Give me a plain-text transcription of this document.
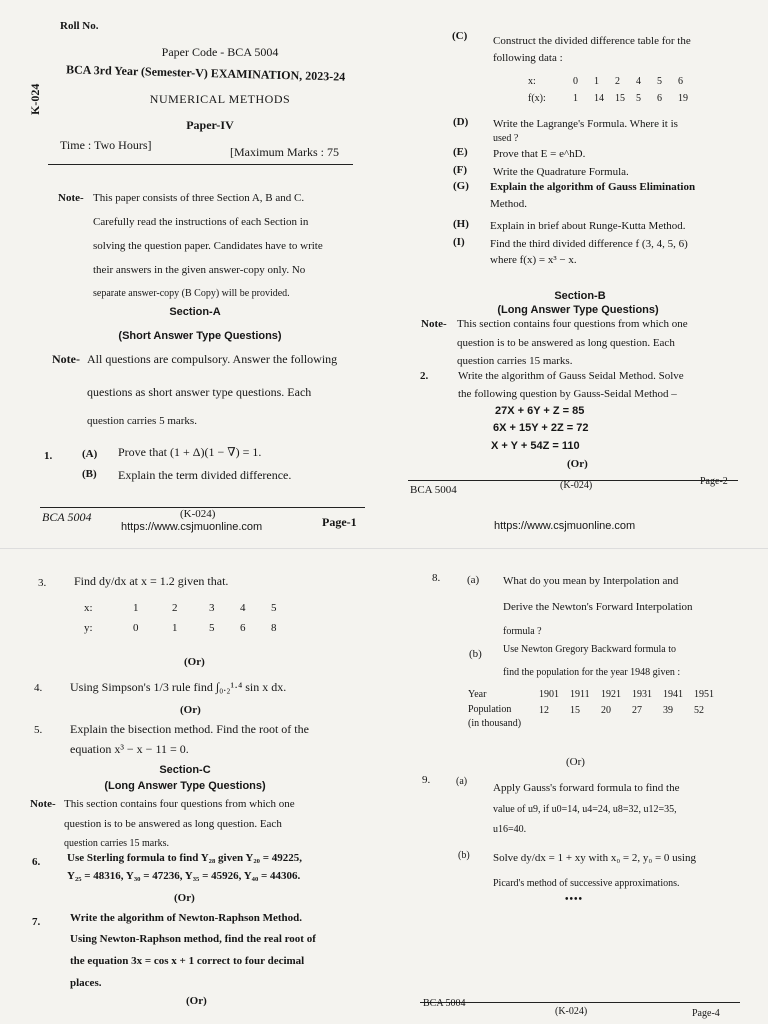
Roll No.
Paper Code - BCA 5004
BCA 3rd Year (Semester-V) EXAMINATION, 2023-24
NUMERICAL METHODS
Paper-IV
K-024
Time : Two Hours]	[Maximum Marks : 75
Note- This paper consists of three Section A, B and C.
Carefully read the instructions of each Section in
solving the question paper. Candidates have to write
their answers in the given answer-copy only. No
separate answer-copy (B Copy) will be provided.
Section-A
(Short Answer Type Questions)
Note- All questions are compulsory. Answer the following
questions as short answer type questions. Each
question carries 5 marks.
1.	(A) Prove that (1 + Δ)(1 − ∇) = 1.
(B) Explain the term divided difference.
BCA 5004	(K-024)
Page-1
https://www.csjmuonline.com
(C) Construct the divided difference table for the
following data :
x:	0	1	2	4	5	6
f(x):	1	14	15	5	6	19
(D) Write the Lagrange's Formula. Where it is
used ?
(E) Prove that E = e^hD.
(F) Write the Quadrature Formula.
(G) Explain the algorithm of Gauss Elimination
Method.
(H) Explain in brief about Runge-Kutta Method.
(I) Find the third divided difference f (3, 4, 5, 6)
where f(x) = x³ − x.
Section-B
(Long Answer Type Questions)
Note- This section contains four questions from which one
question is to be answered as long question. Each
question carries 15 marks.
2.	Write the algorithm of Gauss Seidal Method. Solve
the following question by Gauss-Seidal Method –
27X + 6Y + Z = 85
6X + 15Y + 2Z = 72
X + Y + 54Z = 110
(Or)
BCA 5004	(K-024)	Page-2
https://www.csjmuonline.com
3. Find dy/dx at x = 1.2 given that.
x:	1	2	3	4	5
y:	0	1	5	6	8
(Or)
4. Using Simpson's 1/3 rule find ∫₀.₂¹·⁴ sin x dx.
(Or)
5. Explain the bisection method. Find the root of the
equation x³ − x − 11 = 0.
Section-C
(Long Answer Type Questions)
Note- This section contains four questions from which one
question is to be answered as long question. Each
question carries 15 marks.
6. Use Sterling formula to find Y₂₈ given Y₂₀ = 49225,
Y₂₅ = 48316, Y₃₀ = 47236, Y₃₅ = 45926, Y₄₀ = 44306.
(Or)
7.	Write the algorithm of Newton-Raphson Method.
Using Newton-Raphson method, find the real root of
the equation 3x = cos x + 1 correct to four decimal
places.
(Or)
8. (a) What do you mean by Interpolation and
Derive the Newton's Forward Interpolation
formula ?
(b) Use Newton Gregory Backward formula to
find the population for the year 1948 given :
Year	1901	1911	1921	1931	1941	1951
Population	12	15	20	27	39	52
(in thousand)						
(Or)
9.	(a)
Apply Gauss's forward formula to find the
value of u9, if u0=14, u4=24, u8=32, u12=35,
u16=40.
(b) Solve dy/dx = 1 + xy with x₀ = 2, y₀ = 0 using
Picard's method of successive approximations.
••••
BCA 5004
(K-024)	Page-4
